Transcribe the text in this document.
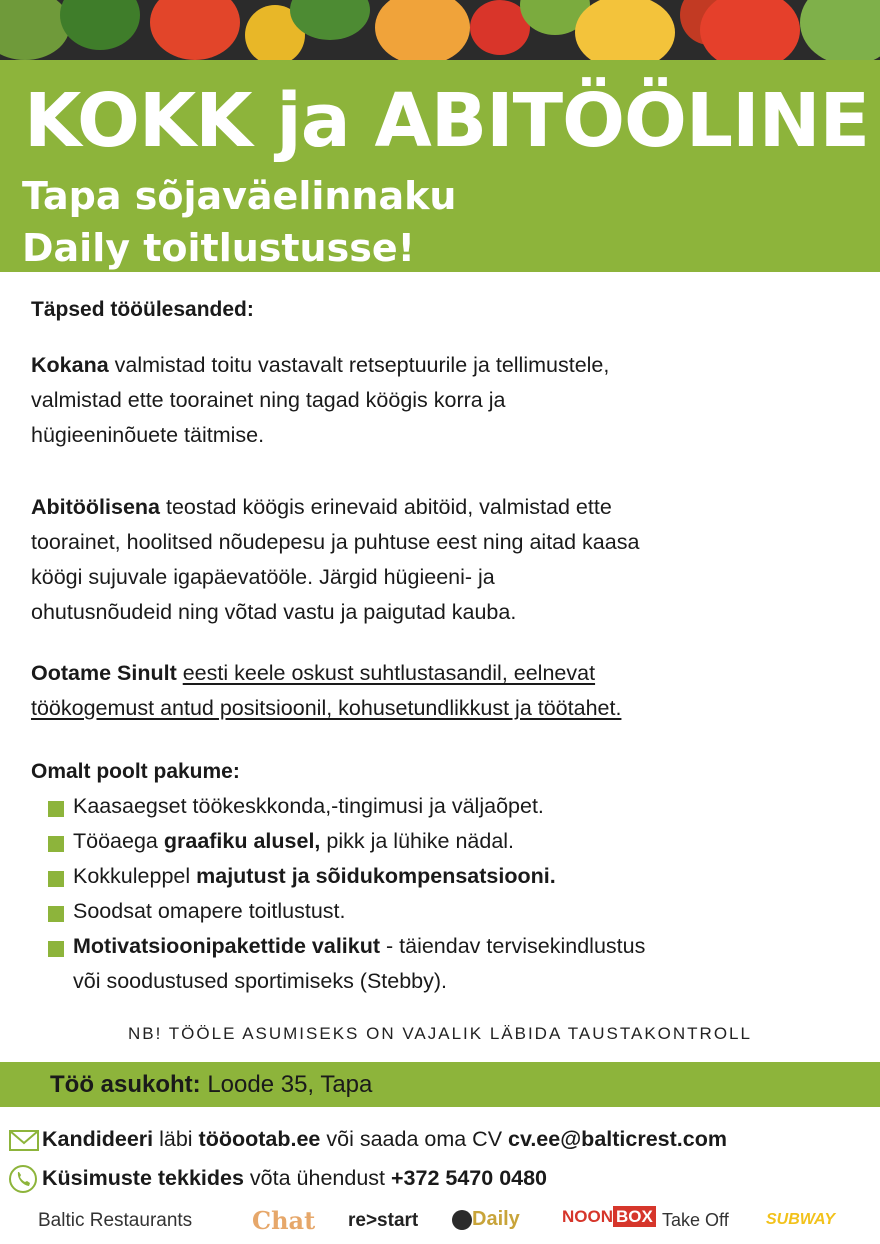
KOKK ja ABITÖÖLINE
Tapa sõjaväelinnaku
Daily toitlustusse!
Täpsed tööülesanded:
Kokana valmistad toitu vastavalt retseptuurile ja tellimustele,
valmistad ette toorainet ning tagad köögis korra ja
hügieeninõuete täitmise.
Abitöölisena teostad köögis erinevaid abitöid, valmistad ette
toorainet, hoolitsed nõudepesu ja puhtuse eest ning aitad kaasa
köögi sujuvale igapäevatööle. Järgid hügieeni- ja
ohutusnõudeid ning võtad vastu ja paigutad kauba.
Ootame Sinult eesti keele oskust suhtlustasandil, eelnevat
töökogemust antud positsioonil, kohusetundlikkust ja töötahet.
Omalt poolt pakume:
Kaasaegset töökeskkonda,-tingimusi ja väljaõpet.
Tööaega graafiku alusel, pikk ja lühike nädal.
Kokkuleppel majutust ja sõidukompensatsiooni.
Soodsat omapere toitlustust.
Motivatsioonipakettide valikut - täiendav tervisekindlustus
või soodustused sportimiseks (Stebby).
NB! TÖÖLE ASUMISEKS ON VAJALIK LÄBIDA TAUSTAKONTROLL
Töö asukoht: Loode 35, Tapa
Kandideeri läbi tööootab.ee või saada oma CV cv.ee@balticrest.com
Küsimuste tekkides võta ühendust +372 5470 0480
Baltic Restaurants Chat re>start	Daily NOON BOX Take Off SUBWAY
